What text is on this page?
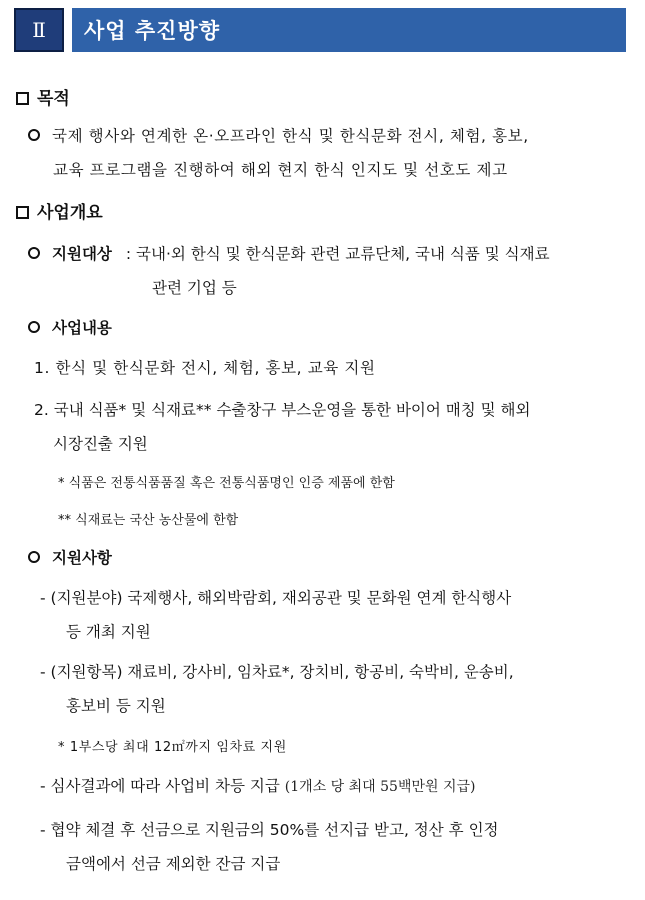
Ⅱ	사업 추진방향
목적
국제 행사와 연계한 온·오프라인 한식 및 한식문화 전시, 체험, 홍보,
교육 프로그램을 진행하여 해외 현지 한식 인지도 및 선호도 제고
사업개요
지원대상 : 국내·외 한식 및 한식문화 관련 교류단체, 국내 식품 및 식재료
관련 기업 등
사업내용
1. 한식 및 한식문화 전시, 체험, 홍보, 교육 지원
2. 국내 식품* 및 식재료** 수출창구 부스운영을 통한 바이어 매칭 및 해외
시장진출 지원
* 식품은 전통식품품질 혹은 전통식품명인 인증 제품에 한함
** 식재료는 국산 농산물에 한함
지원사항
- (지원분야) 국제행사, 해외박람회, 재외공관 및 문화원 연계 한식행사
등 개최 지원
- (지원항목) 재료비, 강사비, 임차료*, 장치비, 항공비, 숙박비, 운송비,
홍보비 등 지원
* 1부스당 최대 12㎡까지 임차료 지원
- 심사결과에 따라 사업비 차등 지급 (1개소 당 최대 55백만원 지급)
- 협약 체결 후 선금으로 지원금의 50%를 선지급 받고, 정산 후 인정
금액에서 선금 제외한 잔금 지급
